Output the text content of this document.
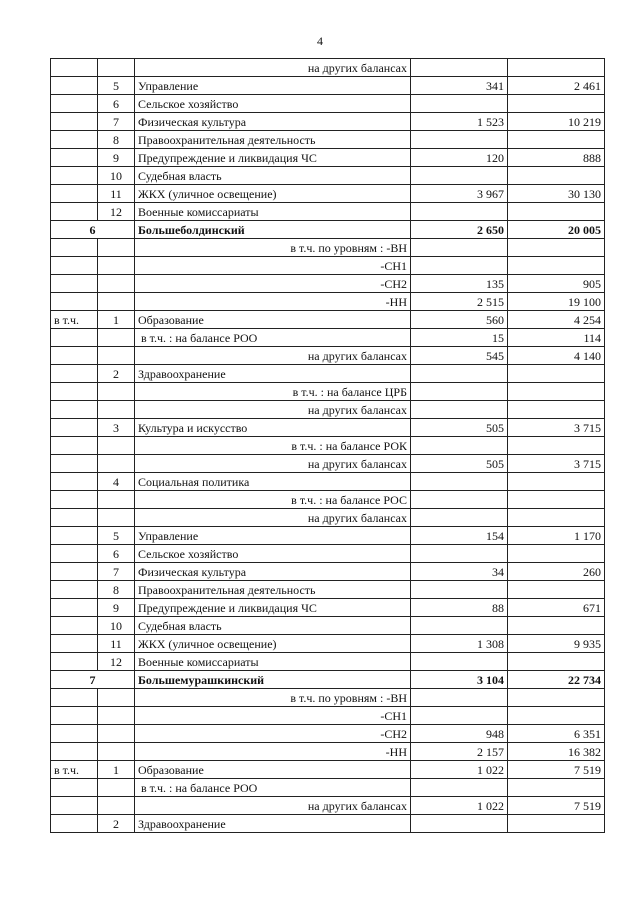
4
		на других балансах		
	5	Управление	341	2 461
	6	Сельское хозяйство		
	7	Физическая культура	1 523	10 219
	8	Правоохранительная деятельность		
	9	Предупреждение и ликвидация ЧС	120	888
	10	Судебная власть		
	11	ЖКХ (уличное освещение)	3 967	30 130
	12	Военные комиссариаты		
6		Большеболдинский	2 650	20 005
		в т.ч. по уровням : -ВН		
		-СН1		
		-СН2	135	905
		-НН	2 515	19 100
в т.ч.	1	Образование	560	4 254
		в т.ч. : на балансе РОО	15	114
		на других балансах	545	4 140
	2	Здравоохранение		
		в т.ч. : на балансе ЦРБ		
		на других балансах		
	3	Культура и искусство	505	3 715
		в т.ч. : на балансе РОК		
		на других балансах	505	3 715
	4	Социальная политика		
		в т.ч. : на балансе РОС		
		на других балансах		
	5	Управление	154	1 170
	6	Сельское хозяйство		
	7	Физическая культура	34	260
	8	Правоохранительная деятельность		
	9	Предупреждение и ликвидация ЧС	88	671
	10	Судебная власть		
	11	ЖКХ (уличное освещение)	1 308	9 935
	12	Военные комиссариаты		
7		Большемурашкинский	3 104	22 734
		в т.ч. по уровням : -ВН		
		-СН1		
		-СН2	948	6 351
		-НН	2 157	16 382
в т.ч.	1	Образование	1 022	7 519
		в т.ч. : на балансе РОО		
		на других балансах	1 022	7 519
	2	Здравоохранение		
